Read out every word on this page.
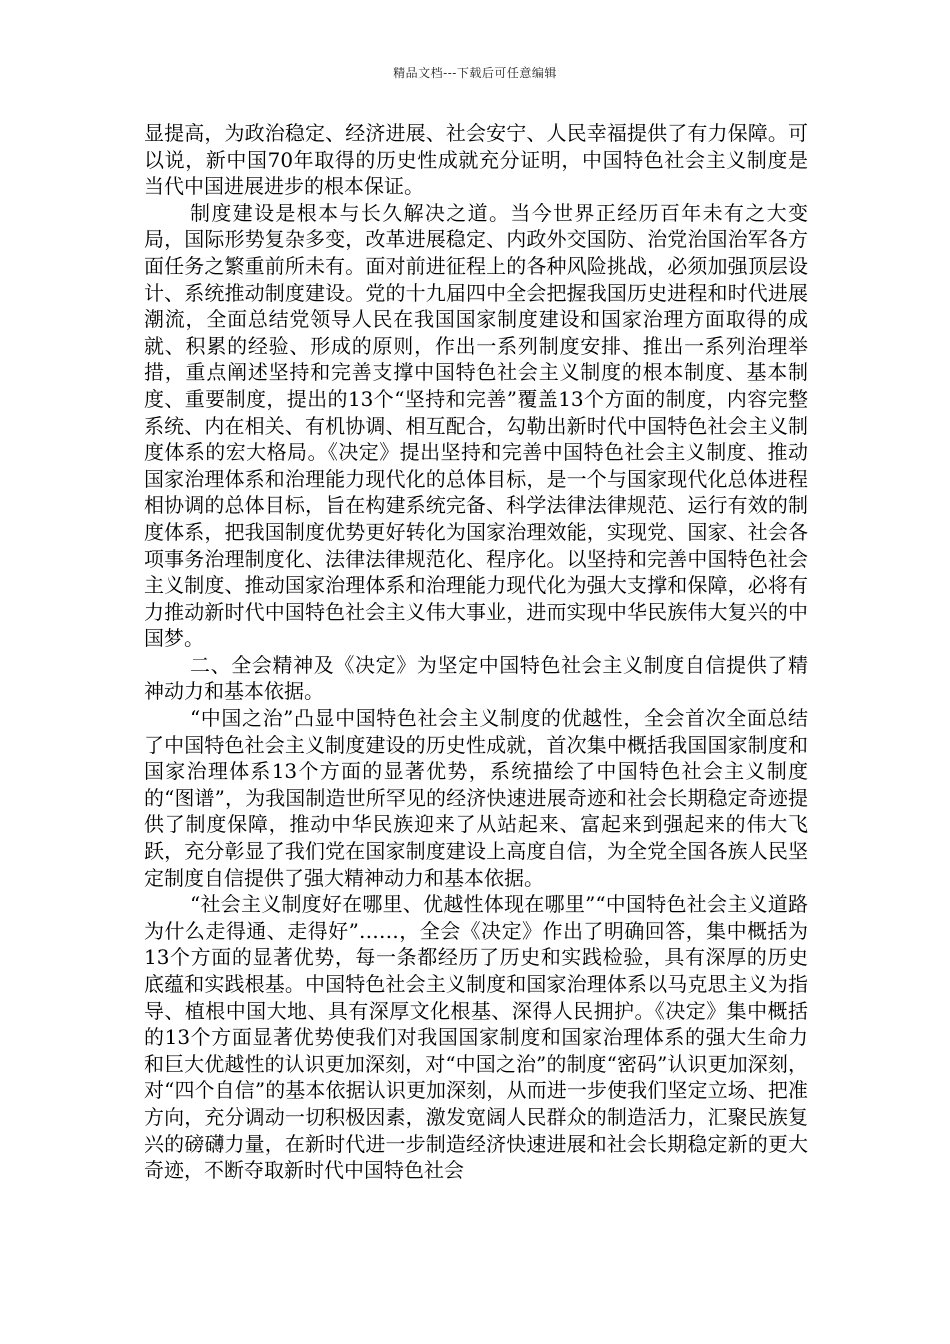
精品文档---下载后可任意编辑

显提高，为政治稳定、经济进展、社会安宁、人民幸福提供了有力保障。可以说，新中国70年取得的历史性成就充分证明，中国特色社会主义制度是当代中国进展进步的根本保证。

制度建设是根本与长久解决之道。当今世界正经历百年未有之大变局，国际形势复杂多变，改革进展稳定、内政外交国防、治党治国治军各方面任务之繁重前所未有。面对前进征程上的各种风险挑战，必须加强顶层设计、系统推动制度建设。党的十九届四中全会把握我国历史进程和时代进展潮流，全面总结党领导人民在我国国家制度建设和国家治理方面取得的成就、积累的经验、形成的原则，作出一系列制度安排、推出一系列治理举措，重点阐述坚持和完善支撑中国特色社会主义制度的根本制度、基本制度、重要制度，提出的13个“坚持和完善”覆盖13个方面的制度，内容完整系统、内在相关、有机协调、相互配合，勾勒出新时代中国特色社会主义制度体系的宏大格局。《决定》提出坚持和完善中国特色社会主义制度、推动国家治理体系和治理能力现代化的总体目标，是一个与国家现代化总体进程相协调的总体目标，旨在构建系统完备、科学法律法律规范、运行有效的制度体系，把我国制度优势更好转化为国家治理效能，实现党、国家、社会各项事务治理制度化、法律法律规范化、程序化。以坚持和完善中国特色社会主义制度、推动国家治理体系和治理能力现代化为强大支撑和保障，必将有力推动新时代中国特色社会主义伟大事业，进而实现中华民族伟大复兴的中国梦。

二、全会精神及《决定》为坚定中国特色社会主义制度自信提供了精神动力和基本依据。

“中国之治”凸显中国特色社会主义制度的优越性，全会首次全面总结了中国特色社会主义制度建设的历史性成就，首次集中概括我国国家制度和国家治理体系13个方面的显著优势，系统描绘了中国特色社会主义制度的“图谱”，为我国制造世所罕见的经济快速进展奇迹和社会长期稳定奇迹提供了制度保障，推动中华民族迎来了从站起来、富起来到强起来的伟大飞跃，充分彰显了我们党在国家制度建设上高度自信，为全党全国各族人民坚定制度自信提供了强大精神动力和基本依据。

“社会主义制度好在哪里、优越性体现在哪里”“中国特色社会主义道路为什么走得通、走得好”……，全会《决定》作出了明确回答，集中概括为13个方面的显著优势，每一条都经历了历史和实践检验，具有深厚的历史底蕴和实践根基。中国特色社会主义制度和国家治理体系以马克思主义为指导、植根中国大地、具有深厚文化根基、深得人民拥护。《决定》集中概括的13个方面显著优势使我们对我国国家制度和国家治理体系的强大生命力和巨大优越性的认识更加深刻，对“中国之治”的制度“密码”认识更加深刻，对“四个自信”的基本依据认识更加深刻，从而进一步使我们坚定立场、把准方向，充分调动一切积极因素，激发宽阔人民群众的制造活力，汇聚民族复兴的磅礴力量，在新时代进一步制造经济快速进展和社会长期稳定新的更大奇迹，不断夺取新时代中国特色社会
